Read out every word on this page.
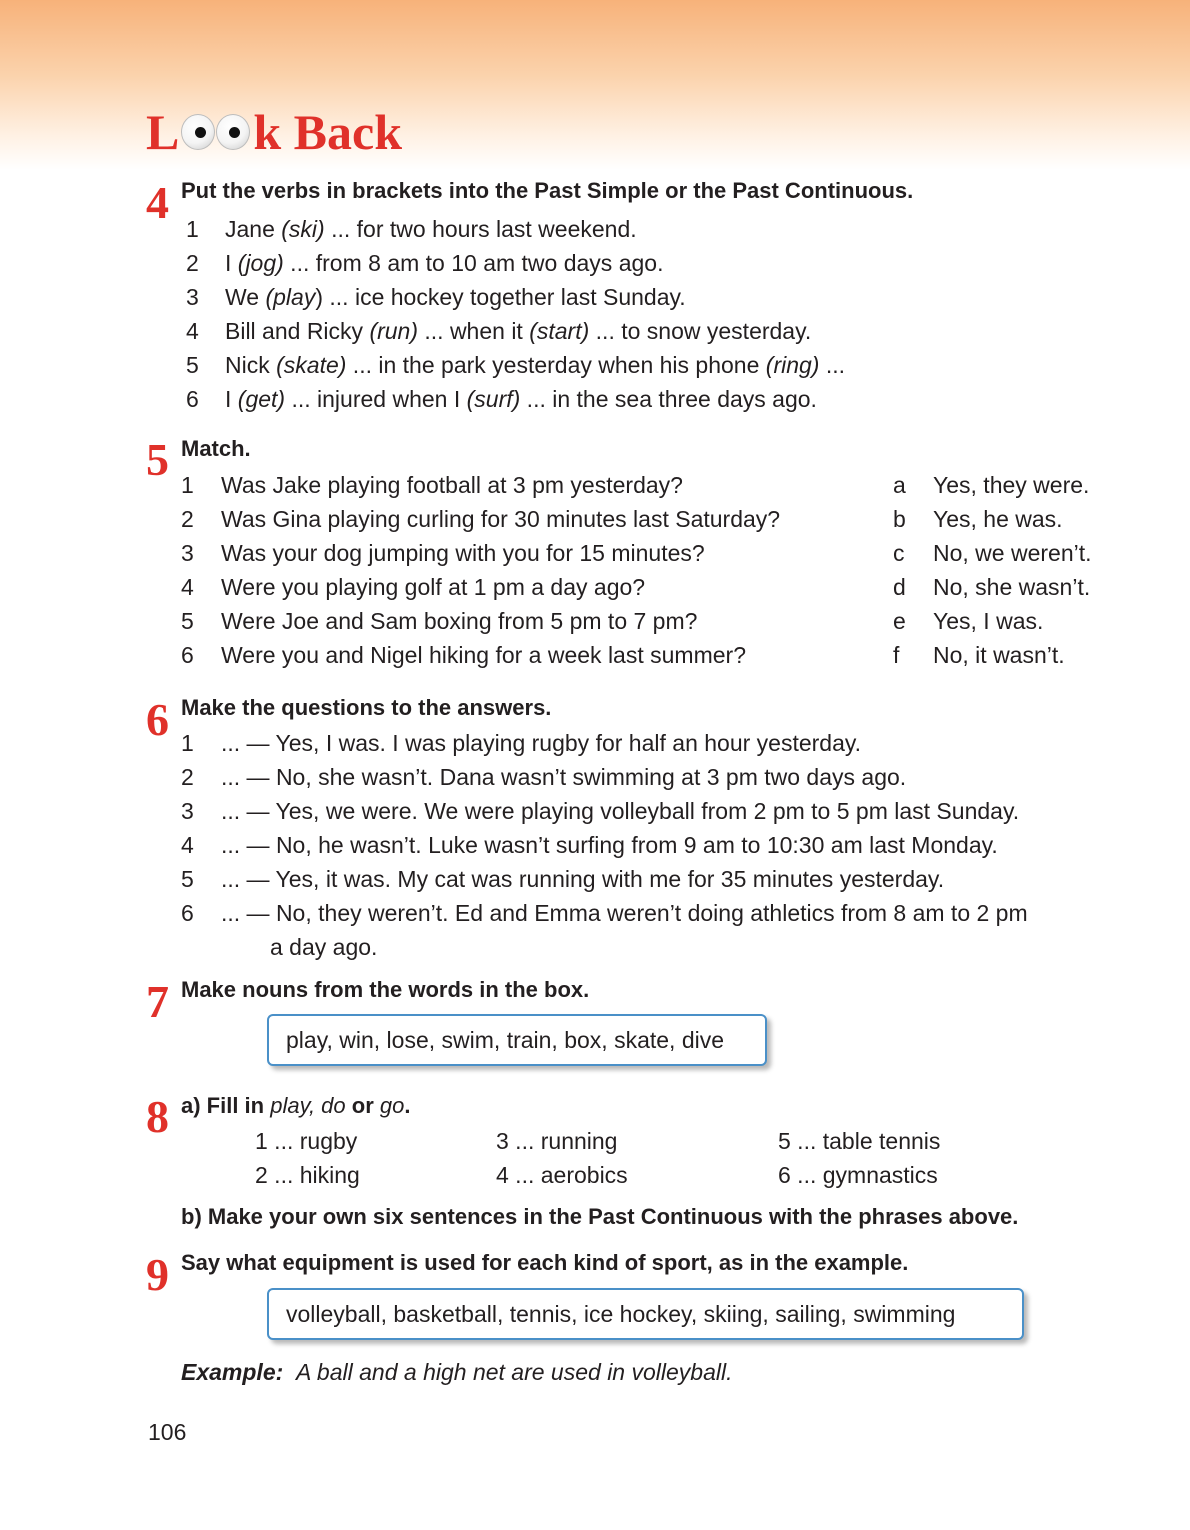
L k Back
4 Put the verbs in brackets into the Past Simple or the Past Continuous.
1 Jane (ski) ... for two hours last weekend.
2 I (jog) ... from 8 am to 10 am two days ago.
3 We (play) ... ice hockey together last Sunday.
4 Bill and Ricky (run) ... when it (start) ... to snow yesterday.
5 Nick (skate) ... in the park yesterday when his phone (ring) ...
6 I (get) ... injured when I (surf) ... in the sea three days ago.
5 Match.
1 Was Jake playing football at 3 pm yesterday?
2 Was Gina playing curling for 30 minutes last Saturday?
3 Was your dog jumping with you for 15 minutes?
4 Were you playing golf at 1 pm a day ago?
5 Were Joe and Sam boxing from 5 pm to 7 pm?
6 Were you and Nigel hiking for a week last summer?
a Yes, they were.
b Yes, he was.
c No, we weren’t.
d No, she wasn’t.
e Yes, I was.
f No, it wasn’t.
6 Make the questions to the answers.
1 ... — Yes, I was. I was playing rugby for half an hour yesterday.
2 ... — No, she wasn’t. Dana wasn’t swimming at 3 pm two days ago.
3 ... — Yes, we were. We were playing volleyball from 2 pm to 5 pm last Sunday.
4 ... — No, he wasn’t. Luke wasn’t surfing from 9 am to 10:30 am last Monday.
5 ... — Yes, it was. My cat was running with me for 35 minutes yesterday.
6 ... — No, they weren’t. Ed and Emma weren’t doing athletics from 8 am to 2 pm
a day ago.
7 Make nouns from the words in the box.
play, win, lose, swim, train, box, skate, dive
8 a) Fill in play, do or go.
1 ... rugby
2 ... hiking
3 ... running
4 ... aerobics
5 ... table tennis
6 ... gymnastics
b) Make your own six sentences in the Past Continuous with the phrases above.
9 Say what equipment is used for each kind of sport, as in the example.
volleyball, basketball, tennis, ice hockey, skiing, sailing, swimming
Example: A ball and a high net are used in volleyball.
106
